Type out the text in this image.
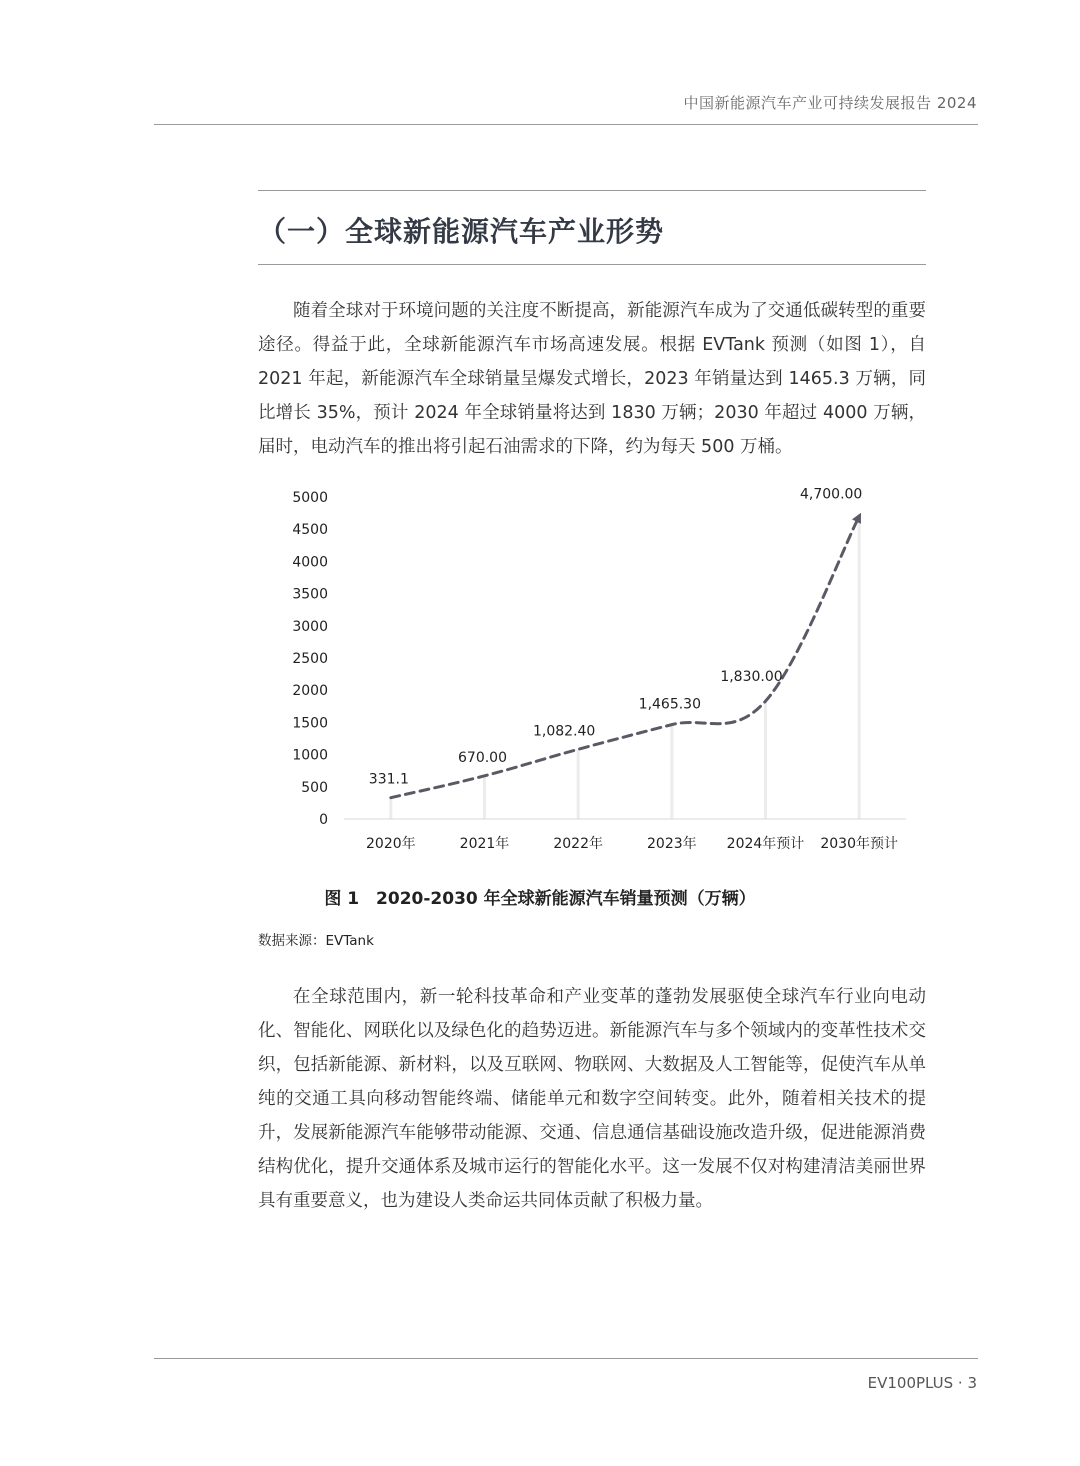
中国新能源汽车产业可持续发展报告 2024
（一）全球新能源汽车产业形势

随着全球对于环境问题的关注度不断提高，新能源汽车成为了交通低碳转型的重要途径。得益于此，全球新能源汽车市场高速发展。根据 EVTank 预测（如图 1），自 2021 年起，新能源汽车全球销量呈爆发式增长，2023 年销量达到 1465.3 万辆，同比增长 35%，预计 2024 年全球销量将达到 1830 万辆；2030 年超过 4000 万辆，届时，电动汽车的推出将引起石油需求的下降，约为每天 500 万桶。

0
500
1000
1500
2000
2500
3000
3500
4000
4500
5000
2020年	2021年	2022年	2023年 2024年预计 2030年预计
331.1
670.00
1,082.40
1,465.30
1,830.00
4,700.00
图 1　2020-2030 年全球新能源汽车销量预测（万辆）
数据来源：EVTank

在全球范围内，新一轮科技革命和产业变革的蓬勃发展驱使全球汽车行业向电动化、智能化、网联化以及绿色化的趋势迈进。新能源汽车与多个领域内的变革性技术交织，包括新能源、新材料，以及互联网、物联网、大数据及人工智能等，促使汽车从单纯的交通工具向移动智能终端、储能单元和数字空间转变。此外，随着相关技术的提升，发展新能源汽车能够带动能源、交通、信息通信基础设施改造升级，促进能源消费结构优化，提升交通体系及城市运行的智能化水平。这一发展不仅对构建清洁美丽世界具有重要意义，也为建设人类命运共同体贡献了积极力量。

EV100PLUS · 3
